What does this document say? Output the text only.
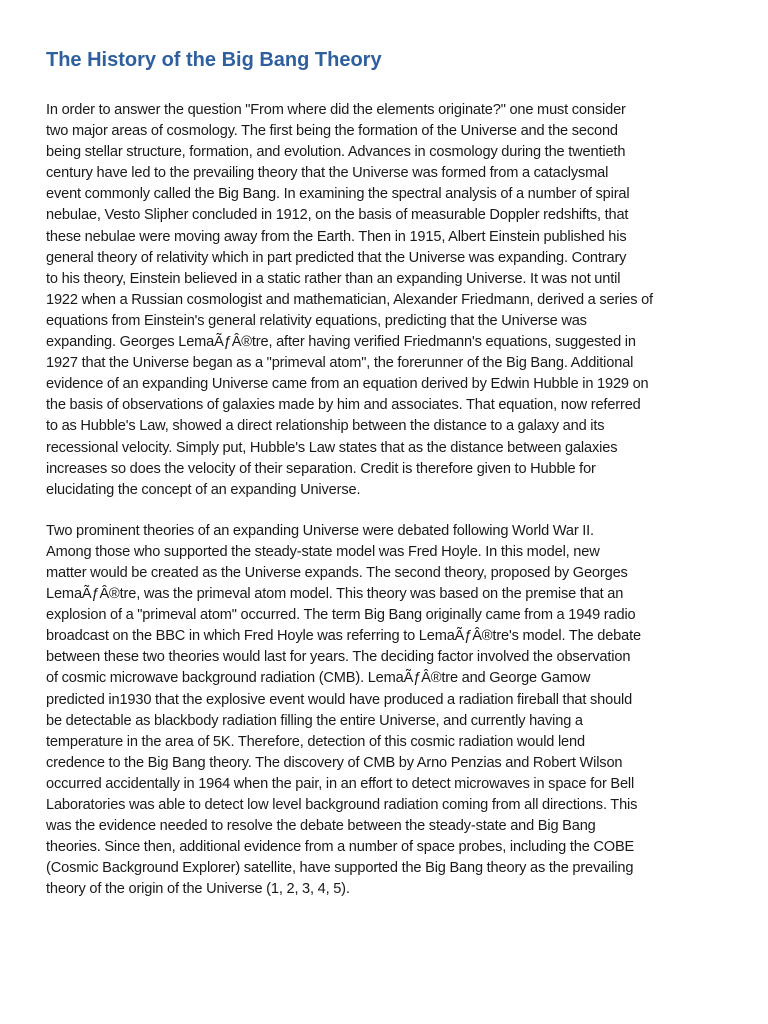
The History of the Big Bang Theory
In order to answer the question "From where did the elements originate?" one must consider
two major areas of cosmology. The first being the formation of the Universe and the second
being stellar structure, formation, and evolution. Advances in cosmology during the twentieth
century have led to the prevailing theory that the Universe was formed from a cataclysmal
event commonly called the Big Bang. In examining the spectral analysis of a number of spiral
nebulae, Vesto Slipher concluded in 1912, on the basis of measurable Doppler redshifts, that
these nebulae were moving away from the Earth. Then in 1915, Albert Einstein published his
general theory of relativity which in part predicted that the Universe was expanding. Contrary
to his theory, Einstein believed in a static rather than an expanding Universe. It was not until
1922 when a Russian cosmologist and mathematician, Alexander Friedmann, derived a series of
equations from Einstein's general relativity equations, predicting that the Universe was
expanding. Georges LemaÃƒÂ®tre, after having verified Friedmann's equations, suggested in
1927 that the Universe began as a "primeval atom", the forerunner of the Big Bang. Additional
evidence of an expanding Universe came from an equation derived by Edwin Hubble in 1929 on
the basis of observations of galaxies made by him and associates. That equation, now referred
to as Hubble's Law, showed a direct relationship between the distance to a galaxy and its
recessional velocity. Simply put, Hubble's Law states that as the distance between galaxies
increases so does the velocity of their separation. Credit is therefore given to Hubble for
elucidating the concept of an expanding Universe.
Two prominent theories of an expanding Universe were debated following World War II.
Among those who supported the steady-state model was Fred Hoyle. In this model, new
matter would be created as the Universe expands. The second theory, proposed by Georges
LemaÃƒÂ®tre, was the primeval atom model. This theory was based on the premise that an
explosion of a "primeval atom" occurred. The term Big Bang originally came from a 1949 radio
broadcast on the BBC in which Fred Hoyle was referring to LemaÃƒÂ®tre's model. The debate
between these two theories would last for years. The deciding factor involved the observation
of cosmic microwave background radiation (CMB). LemaÃƒÂ®tre and George Gamow
predicted in1930 that the explosive event would have produced a radiation fireball that should
be detectable as blackbody radiation filling the entire Universe, and currently having a
temperature in the area of 5K. Therefore, detection of this cosmic radiation would lend
credence to the Big Bang theory. The discovery of CMB by Arno Penzias and Robert Wilson
occurred accidentally in 1964 when the pair, in an effort to detect microwaves in space for Bell
Laboratories was able to detect low level background radiation coming from all directions. This
was the evidence needed to resolve the debate between the steady-state and Big Bang
theories. Since then, additional evidence from a number of space probes, including the COBE
(Cosmic Background Explorer) satellite, have supported the Big Bang theory as the prevailing
theory of the origin of the Universe (1, 2, 3, 4, 5).
